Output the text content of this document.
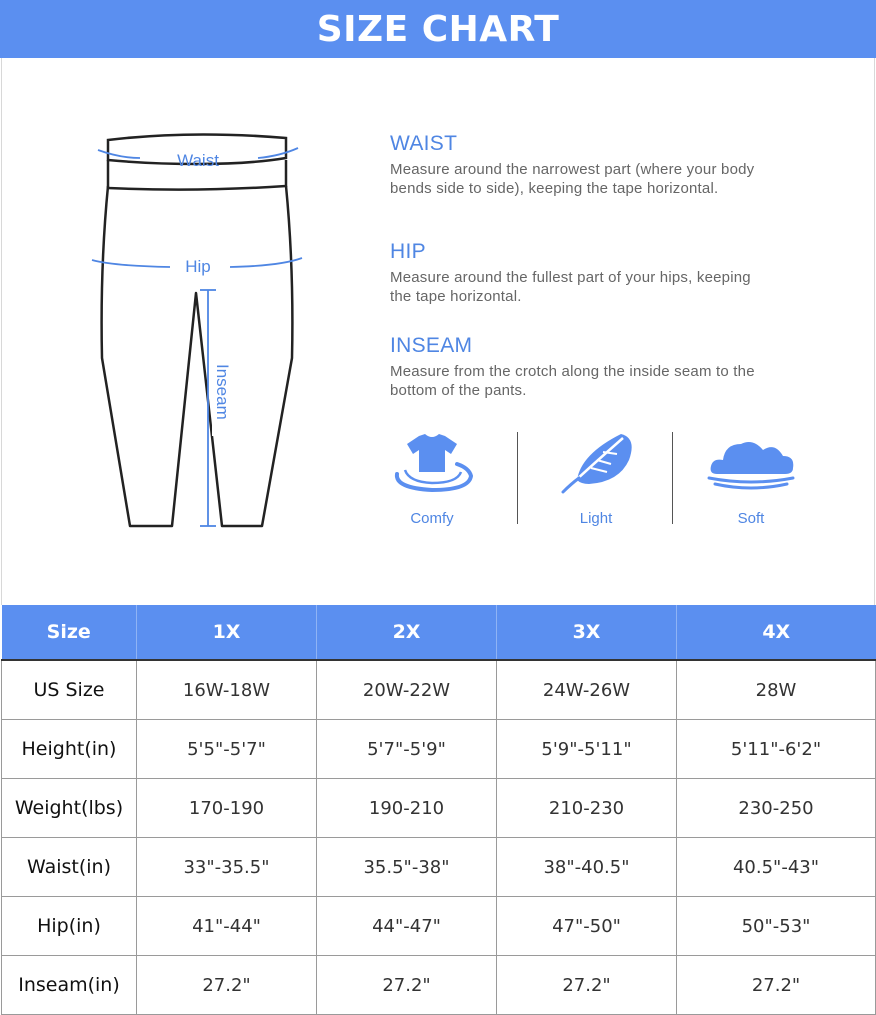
SIZE CHART
Waist
Hip
Inseam
WAIST

Measure around the narrowest part (where your body bends side to side), keeping the tape horizontal.

HIP

Measure around the fullest part of your hips, keeping the tape horizontal.

INSEAM

Measure from the crotch along the inside seam to the bottom of the pants.

Comfy	Light	Soft
Size	1X	2X	3X	4X
US Size	16W-18W	20W-22W	24W-26W	28W
Height(in)	5'5"-5'7"	5'7"-5'9"	5'9"-5'11"	5'11"-6'2"
Weight(lbs)	170-190	190-210	210-230	230-250
Waist(in)	33"-35.5"	35.5"-38"	38"-40.5"	40.5"-43"
Hip(in)	41"-44"	44"-47"	47"-50"	50"-53"
Inseam(in)	27.2"	27.2"	27.2"	27.2"
